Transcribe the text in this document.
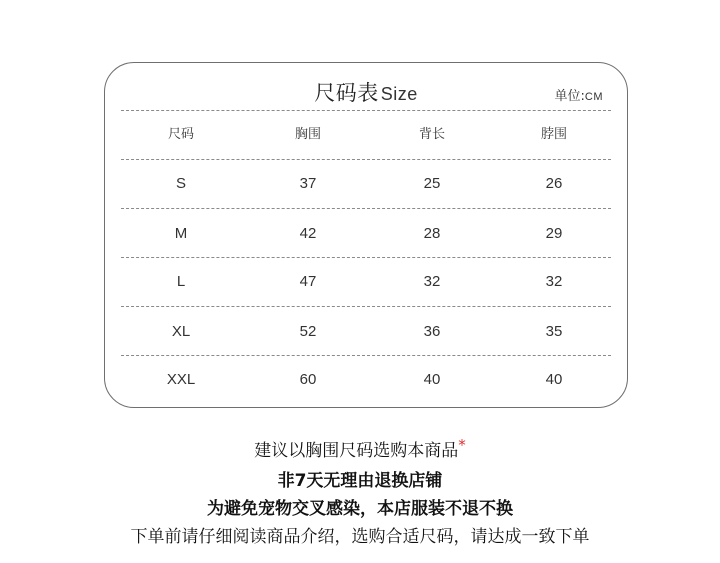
尺码表 Size	单位:CM
尺码	胸围	背长	脖围
S	37	25	26
M	42	28	29
L	47	32	32
XL	52	36	35
XXL	60	40	40
建议以胸围尺码选购本商品*
非7天无理由退换店铺
为避免宠物交叉感染，本店服装不退不换
下单前请仔细阅读商品介绍，选购合适尺码，请达成一致下单
